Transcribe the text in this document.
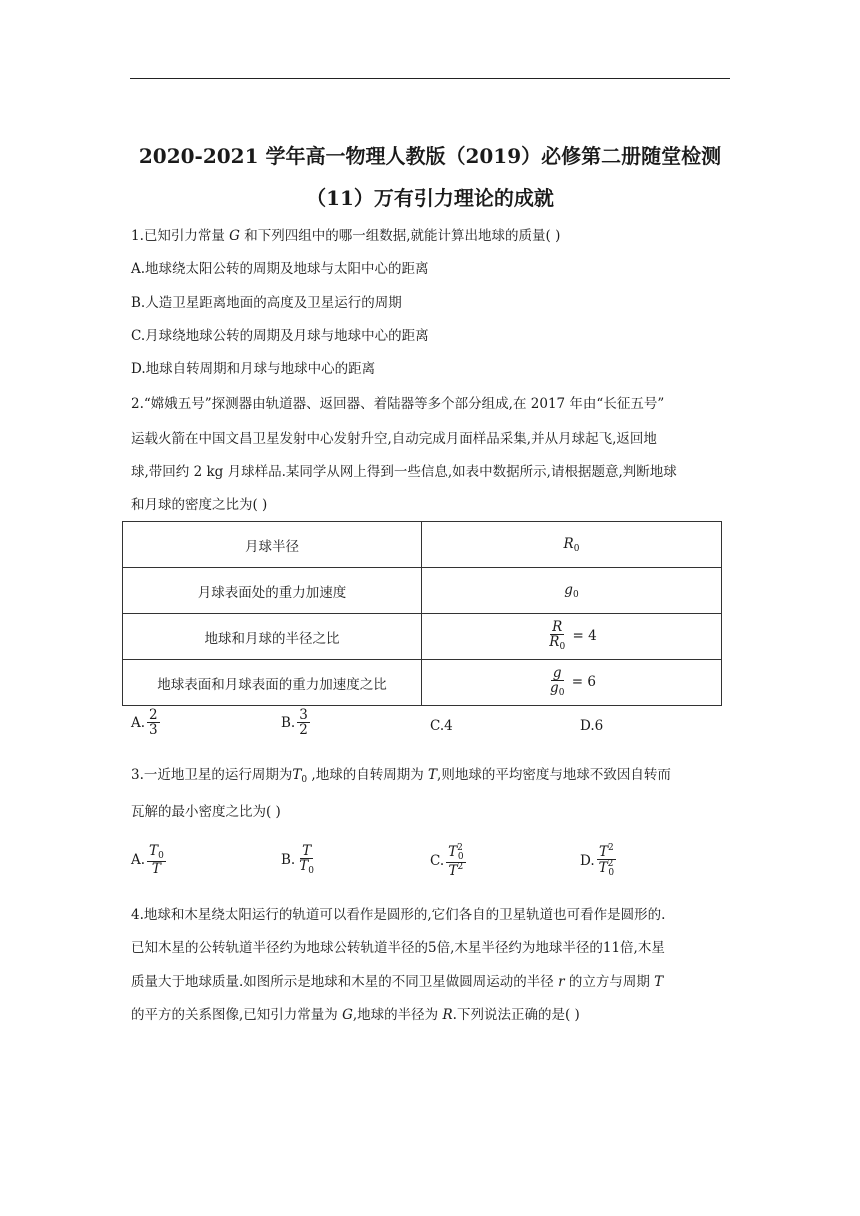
2020-2021 学年高一物理人教版（2019）必修第二册随堂检测
（11）万有引力理论的成就
1.已知引力常量 G 和下列四组中的哪一组数据,就能计算出地球的质量( )
A.地球绕太阳公转的周期及地球与太阳中心的距离
B.人造卫星距离地面的高度及卫星运行的周期
C.月球绕地球公转的周期及月球与地球中心的距离
D.地球自转周期和月球与地球中心的距离
2.“嫦娥五号”探测器由轨道器、返回器、着陆器等多个部分组成,在 2017 年由“长征五号”
运载火箭在中国文昌卫星发射中心发射升空,自动完成月面样品采集,并从月球起飞,返回地
球,带回约 2 kg 月球样品.某同学从网上得到一些信息,如表中数据所示,请根据题意,判断地球
和月球的密度之比为( )
月球半径	$R_0$
月球表面处的重力加速度	$g_0$
地球和月球的半径之比	$\frac{R}{R_0} = 4$
地球表面和月球表面的重力加速度之比	$\frac{g}{g_0} = 6$
A. $\frac{2}{3}$	B. $\frac{3}{2}$	C.4	D.6
3.一近地卫星的运行周期为$T_0$ ,地球的自转周期为 T,则地球的平均密度与地球不致因自转而
瓦解的最小密度之比为( )
A. $\frac{T_0}{T}$	B. $\frac{T}{T_0}$	C. $\frac{T^2_0}{T^2}$	D. $\frac{T^2}{T^2_0}$
4.地球和木星绕太阳运行的轨道可以看作是圆形的,它们各自的卫星轨道也可看作是圆形的.
已知木星的公转轨道半径约为地球公转轨道半径的5倍,木星半径约为地球半径的11倍,木星
质量大于地球质量.如图所示是地球和木星的不同卫星做圆周运动的半径 r 的立方与周期 T
的平方的关系图像,已知引力常量为 G,地球的半径为 R.下列说法正确的是( )
